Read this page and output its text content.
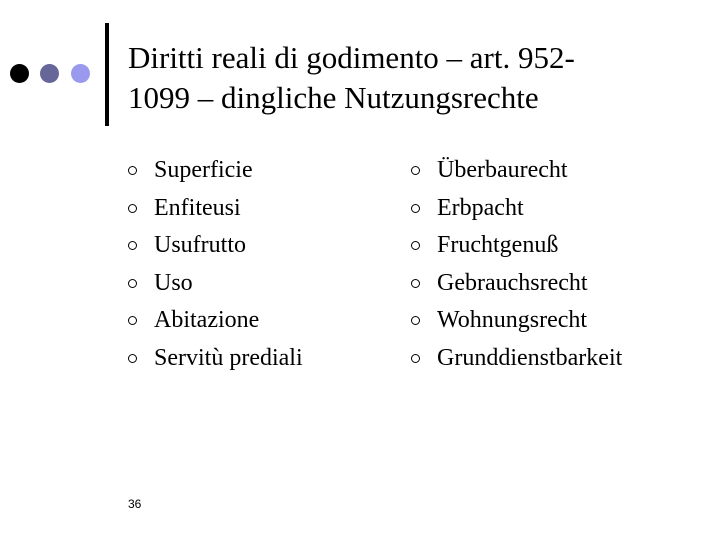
Diritti reali di godimento – art. 952-
1099 – dingliche Nutzungsrechte
Superficie
Enfiteusi
Usufrutto
Uso
Abitazione
Servitù prediali
Überbaurecht
Erbpacht
Fruchtgenuß
Gebrauchsrecht
Wohnungsrecht
Grunddienstbarkeit
36
